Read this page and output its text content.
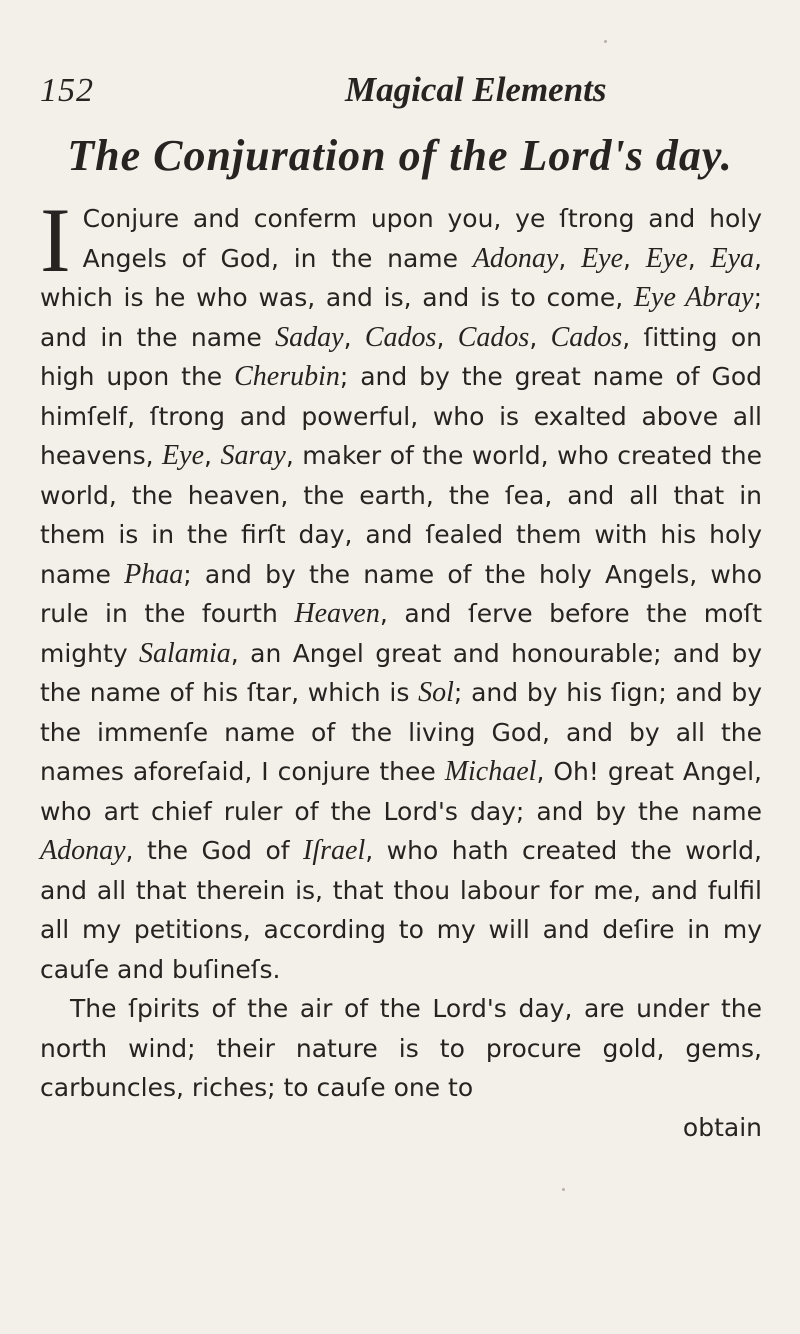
152	Magical Elements
The Conjuration of the Lord's day.

I Conjure and conferm upon you, ye ſtrong and holy Angels of God, in the name Adonay, Eye, Eye, Eya, which is he who was, and is, and is to come, Eye Abray; and in the name Saday, Cados, Cados, Cados, ſitting on high upon the Cherubin; and by the great name of God himſelf, ſtrong and powerful, who is exalted above all heavens, Eye, Saray, maker of the world, who created the world, the heaven, the earth, the ſea, and all that in them is in the firſt day, and ſealed them with his holy name Phaa; and by the name of the holy Angels, who rule in the fourth Heaven, and ſerve before the moſt mighty Salamia, an Angel great and honourable; and by the name of his ſtar, which is Sol; and by his ſign; and by the immenſe name of the living God, and by all the names aforeſaid, I conjure thee Michael, Oh! great Angel, who art chief ruler of the Lord's day; and by the name Adonay, the God of Iſrael, who hath created the world, and all that therein is, that thou labour for me, and fulfil all my petitions, according to my will and deſire in my cauſe and buſineſs.

The ſpirits of the air of the Lord's day, are under the north wind; their nature is to procure gold, gems, carbuncles, riches; to cauſe one to

obtain
